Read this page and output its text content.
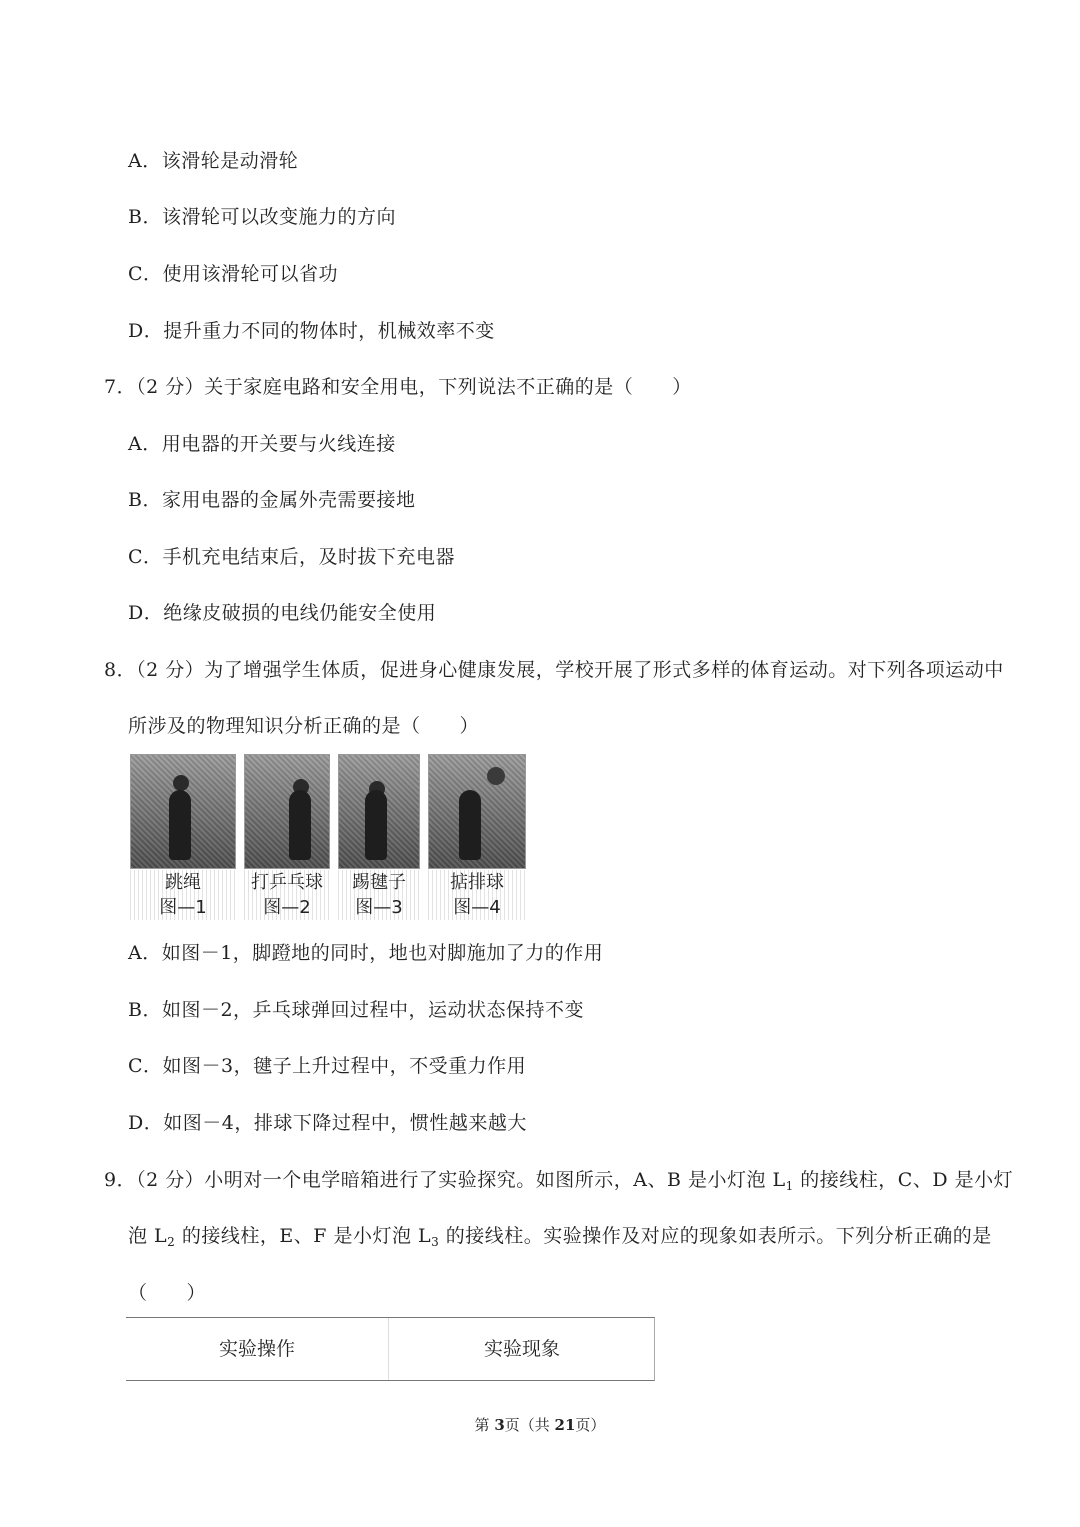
A．该滑轮是动滑轮
B．该滑轮可以改变施力的方向
C．使用该滑轮可以省功
D．提升重力不同的物体时，机械效率不变
7．（2 分）关于家庭电路和安全用电，下列说法不正确的是（　　）
A．用电器的开关要与火线连接
B．家用电器的金属外壳需要接地
C．手机充电结束后，及时拔下充电器
D．绝缘皮破损的电线仍能安全使用
8．（2 分）为了增强学生体质，促进身心健康发展，学校开展了形式多样的体育运动。对下列各项运动中
所涉及的物理知识分析正确的是（　　）
跳绳
图—1
打乒乓球
图—2
踢毽子
图—3
掂排球
图—4
A．如图－1，脚蹬地的同时，地也对脚施加了力的作用
B．如图－2，乒乓球弹回过程中，运动状态保持不变
C．如图－3，毽子上升过程中，不受重力作用
D．如图－4，排球下降过程中，惯性越来越大
9．（2 分）小明对一个电学暗箱进行了实验探究。如图所示，A、B 是小灯泡 $L_1$ 的接线柱，C、D 是小灯
泡 $L_2$ 的接线柱，E、F 是小灯泡 $L_3$ 的接线柱。实验操作及对应的现象如表所示。下列分析正确的是
（　　）
实验操作	实验现象
第 3页（共 21页）
